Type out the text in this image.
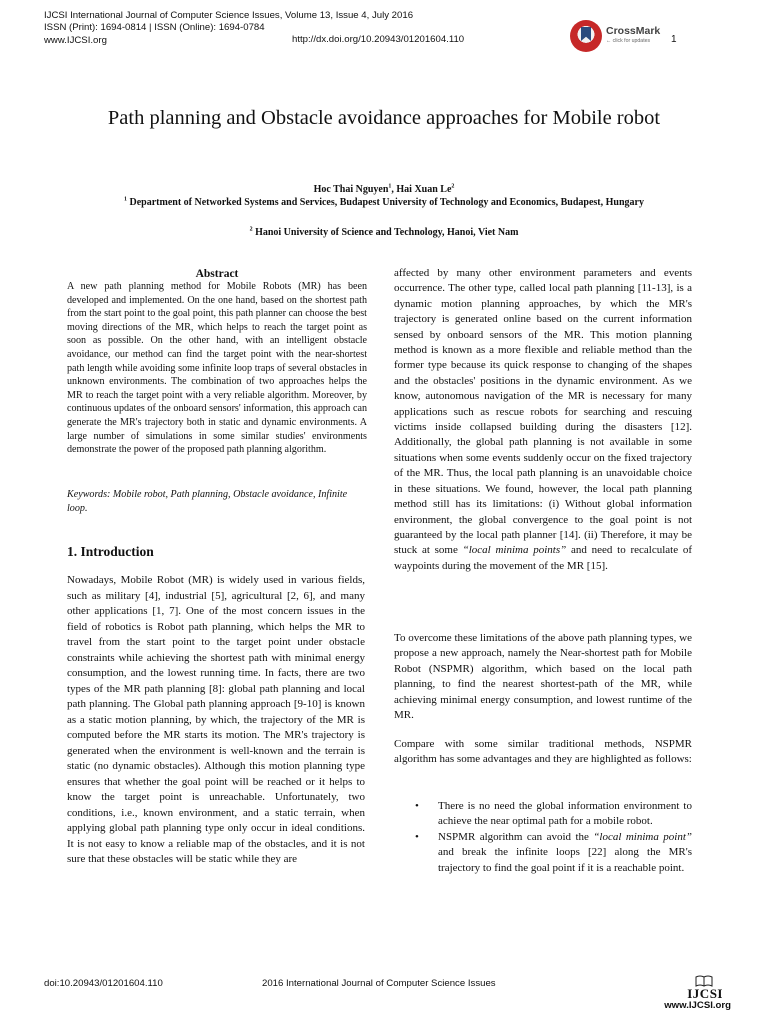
IJCSI International Journal of Computer Science Issues, Volume 13, Issue 4, July 2016
ISSN (Print): 1694-0814 | ISSN (Online): 1694-0784
www.IJCSI.org	http://dx.doi.org/10.20943/01201604.110
CrossMark
← click for updates 1
Path planning and Obstacle avoidance approaches for Mobile robot
Hoc Thai Nguyen$^1$, Hai Xuan Le$^2$
$^1$ Department of Networked Systems and Services, Budapest University of Technology and Economics, Budapest, Hungary
$^2$ Hanoi University of Science and Technology, Hanoi, Viet Nam
Abstract
A new path planning method for Mobile Robots (MR) has been developed and implemented. On the one hand, based on the shortest path from the start point to the goal point, this path planner can choose the best moving directions of the MR, which helps to reach the target point as soon as possible. On the other hand, with an intelligent obstacle avoidance, our method can find the target point with the near-shortest path length while avoiding some infinite loop traps of several obstacles in unknown environments. The combination of two approaches helps the MR to reach the target point with a very reliable algorithm. Moreover, by continuous updates of the onboard sensors' information, this approach can generate the MR's trajectory both in static and dynamic environments. A large number of simulations in some similar studies' environments demonstrate the power of the proposed path planning algorithm.
Keywords: Mobile robot, Path planning, Obstacle avoidance, Infinite loop.
1. Introduction
Nowadays, Mobile Robot (MR) is widely used in various fields, such as military [4], industrial [5], agricultural [2, 6], and many other applications [1, 7]. One of the most concern issues in the field of robotics is Robot path planning, which helps the MR to travel from the start point to the target point under obstacle constraints while achieving the shortest path with minimal energy consumption, and the lowest running time. In facts, there are two types of the MR path planning [8]: global path planning and local path planning. The Global path planning approach [9-10] is known as a static motion planning, by which, the trajectory of the MR is computed before the MR starts its motion. The MR's trajectory is generated when the environment is well-known and the terrain is static (no dynamic obstacles). Although this motion planning type ensures that whether the goal point will be reached or it helps to know the target point is unreachable. Unfortunately, two conditions, i.e., known environment, and a static terrain, when applying global path planning type only occur in ideal conditions. It is not easy to know a reliable map of the obstacles, and it is not sure that these obstacles will be static while they are
affected by many other environment parameters and events occurrence. The other type, called local path planning [11-13], is a dynamic motion planning approaches, by which the MR's trajectory is generated online based on the current information sensed by onboard sensors of the MR. This motion planning method is known as a more flexible and reliable method than the former type because its quick response to changing of the shapes and the obstacles' positions in the dynamic environment. As we know, autonomous navigation of the MR is necessary for many applications such as rescue robots for searching and rescuing victims inside collapsed building during the disasters [12]. Additionally, the global path planning is not available in some situations when some events suddenly occur on the fixed trajectory of the MR. Thus, the local path planning is an unavoidable choice in these situations. We found, however, the local path planning method still has its limitations: (i) Without global information environment, the global convergence to the goal point is not guaranteed by the local path planner [14]. (ii) Therefore, it may be stuck at some “local minima points” and need to recalculate of waypoints during the movement of the MR [15].
To overcome these limitations of the above path planning types, we propose a new approach, namely the Near-shortest path for Mobile Robot (NSPMR) algorithm, which based on the local path planning, to find the nearest shortest-path of the MR, while achieving minimal energy consumption, and lowest runtime of the MR.
Compare with some similar traditional methods, NSPMR algorithm has some advantages and they are highlighted as follows:
• There is no need the global information environment to achieve the near optimal path for a mobile robot.
• NSPMR algorithm can avoid the “local minima point” and break the infinite loops [22] along the MR's trajectory to find the goal point if it is a reachable point.
doi:10.20943/01201604.110	2016 International Journal of Computer Science Issues
IJCSI
www.IJCSI.org
